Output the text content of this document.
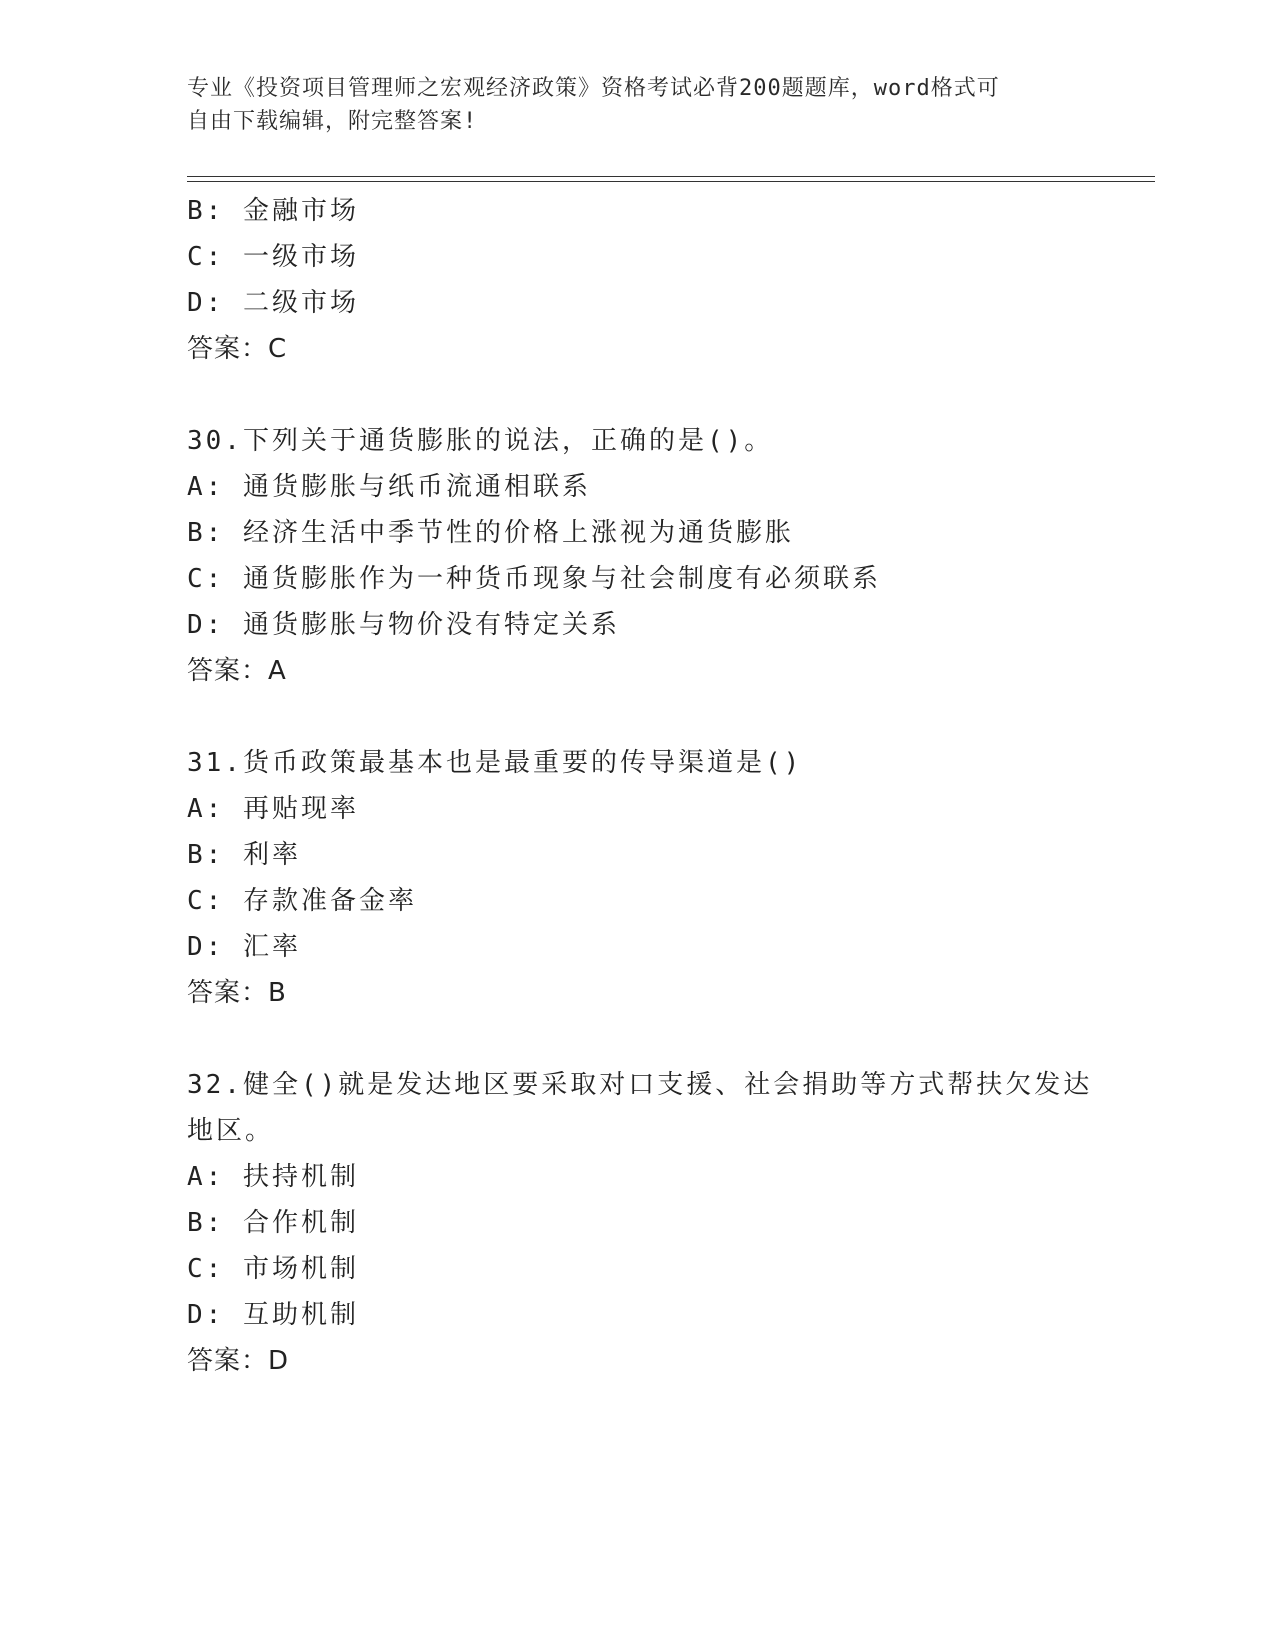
专业《投资项目管理师之宏观经济政策》资格考试必背200题题库，word格式可
自由下载编辑，附完整答案!
B: 金融市场
C: 一级市场
D: 二级市场
答案：C
30.下列关于通货膨胀的说法，正确的是()。
A: 通货膨胀与纸币流通相联系
B: 经济生活中季节性的价格上涨视为通货膨胀
C: 通货膨胀作为一种货币现象与社会制度有必须联系
D: 通货膨胀与物价没有特定关系
答案：A
31.货币政策最基本也是最重要的传导渠道是()
A: 再贴现率
B: 利率
C: 存款准备金率
D: 汇率
答案：B
32.健全()就是发达地区要采取对口支援、社会捐助等方式帮扶欠发达
地区。
A: 扶持机制
B: 合作机制
C: 市场机制
D: 互助机制
答案：D
